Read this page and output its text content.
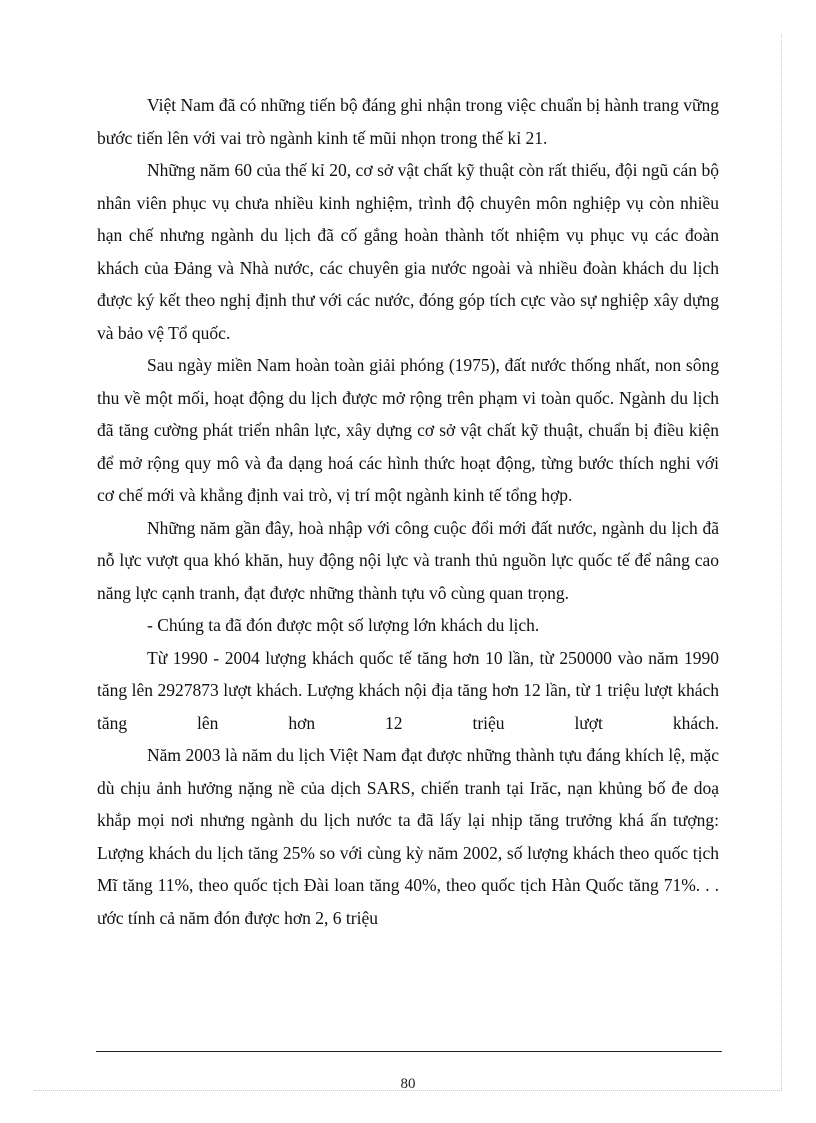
Việt Nam đã có những tiến bộ đáng ghi nhận trong việc chuẩn bị hành trang vững bước tiến lên với vai trò ngành kinh tế mũi nhọn trong thế kỉ 21.

Những năm 60 của thế kỉ 20, cơ sở vật chất kỹ thuật còn rất thiếu, đội ngũ cán bộ nhân viên phục vụ chưa nhiều kinh nghiệm, trình độ chuyên môn nghiệp vụ còn nhiều hạn chế nhưng ngành du lịch đã cố gắng hoàn thành tốt nhiệm vụ phục vụ các đoàn khách của Đảng và Nhà nước, các chuyên gia nước ngoài và nhiều đoàn khách du lịch được ký kết theo nghị định thư với các nước, đóng góp tích cực vào sự nghiệp xây dựng và bảo vệ Tổ quốc.

Sau ngày miền Nam hoàn toàn giải phóng (1975), đất nước thống nhất, non sông thu về một mối, hoạt động du lịch được mở rộng trên phạm vi toàn quốc. Ngành du lịch đã tăng cường phát triển nhân lực, xây dựng cơ sở vật chất kỹ thuật, chuẩn bị điều kiện để mở rộng quy mô và đa dạng hoá các hình thức hoạt động, từng bước thích nghi với cơ chế mới và khẳng định vai trò, vị trí một ngành kinh tế tổng hợp.

Những năm gần đây, hoà nhập với công cuộc đổi mới đất nước, ngành du lịch đã nỗ lực vượt qua khó khăn, huy động nội lực và tranh thủ nguồn lực quốc tế để nâng cao năng lực cạnh tranh, đạt được những thành tựu vô cùng quan trọng.

- Chúng ta đã đón được một số lượng lớn khách du lịch.

Từ 1990 - 2004 lượng khách quốc tế tăng hơn 10 lần, từ 250000 vào năm 1990 tăng lên 2927873 lượt khách. Lượng khách nội địa tăng hơn 12 lần, từ 1 triệu lượt khách tăng lên hơn 12 triệu lượt khách.

Năm 2003 là năm du lịch Việt Nam đạt được những thành tựu đáng khích lệ, mặc dù chịu ảnh hưởng nặng nề của dịch SARS, chiến tranh tại Irăc, nạn khủng bố đe doạ khắp mọi nơi nhưng ngành du lịch nước ta đã lấy lại nhịp tăng trưởng khá ấn tượng: Lượng khách du lịch tăng 25% so với cùng kỳ năm 2002, số lượng khách theo quốc tịch Mĩ tăng 11%, theo quốc tịch Đài loan tăng 40%, theo quốc tịch Hàn Quốc tăng 71%. . . ước tính cả năm đón được hơn 2, 6 triệu

80
